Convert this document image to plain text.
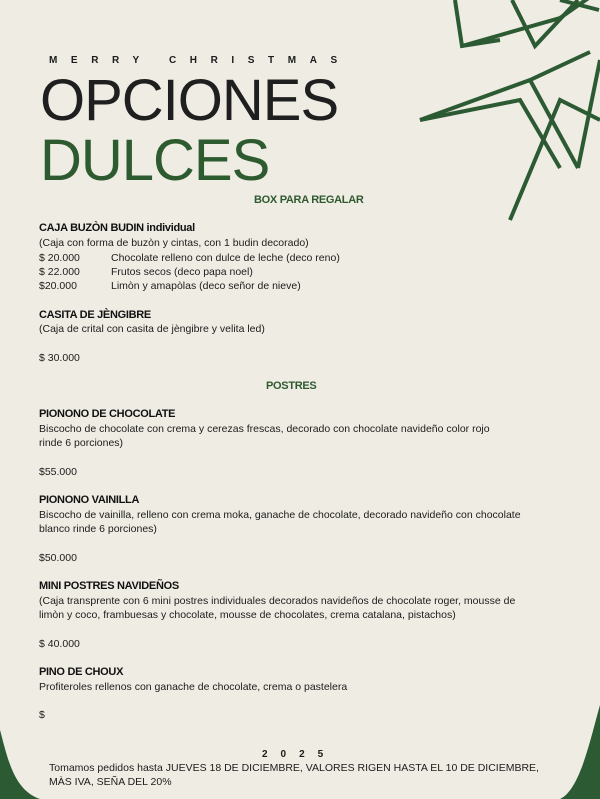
MERRY CHRISTMAS
OPCIONES
DULCES
BOX PARA REGALAR
CAJA BUZÒN BUDIN individual
(Caja con forma de buzòn y cintas, con 1 budin decorado)
$ 20.000	Chocolate relleno con dulce de leche (deco reno)
$ 22.000	Frutos secos (deco papa noel)
$20.000	Limòn y amapòlas (deco señor de nieve)
CASITA DE JÈNGIBRE
(Caja de crital con casita de jèngibre y velita led)
$ 30.000
POSTRES
PIONONO DE CHOCOLATE
Biscocho de chocolate con crema y cerezas frescas, decorado con chocolate navideño color rojo
rinde 6 porciones)
$55.000
PIONONO VAINILLA
Biscocho de vainilla, relleno con crema moka, ganache de chocolate, decorado navideño con chocolate
blanco rinde 6 porciones)
$50.000
MINI POSTRES NAVIDEÑOS
(Caja transprente con 6 mini postres individuales decorados navideños de chocolate roger, mousse de
limòn y coco, frambuesas y chocolate, mousse de chocolates, crema catalana, pistachos)
$ 40.000
PINO DE CHOUX
Profiteroles rellenos con ganache de chocolate, crema o pastelera
$
2025
Tomamos pedidos hasta JUEVES 18 DE DICIEMBRE, VALORES RIGEN HASTA EL 10 DE DICIEMBRE,
MÀS IVA, SEÑA DEL 20%
